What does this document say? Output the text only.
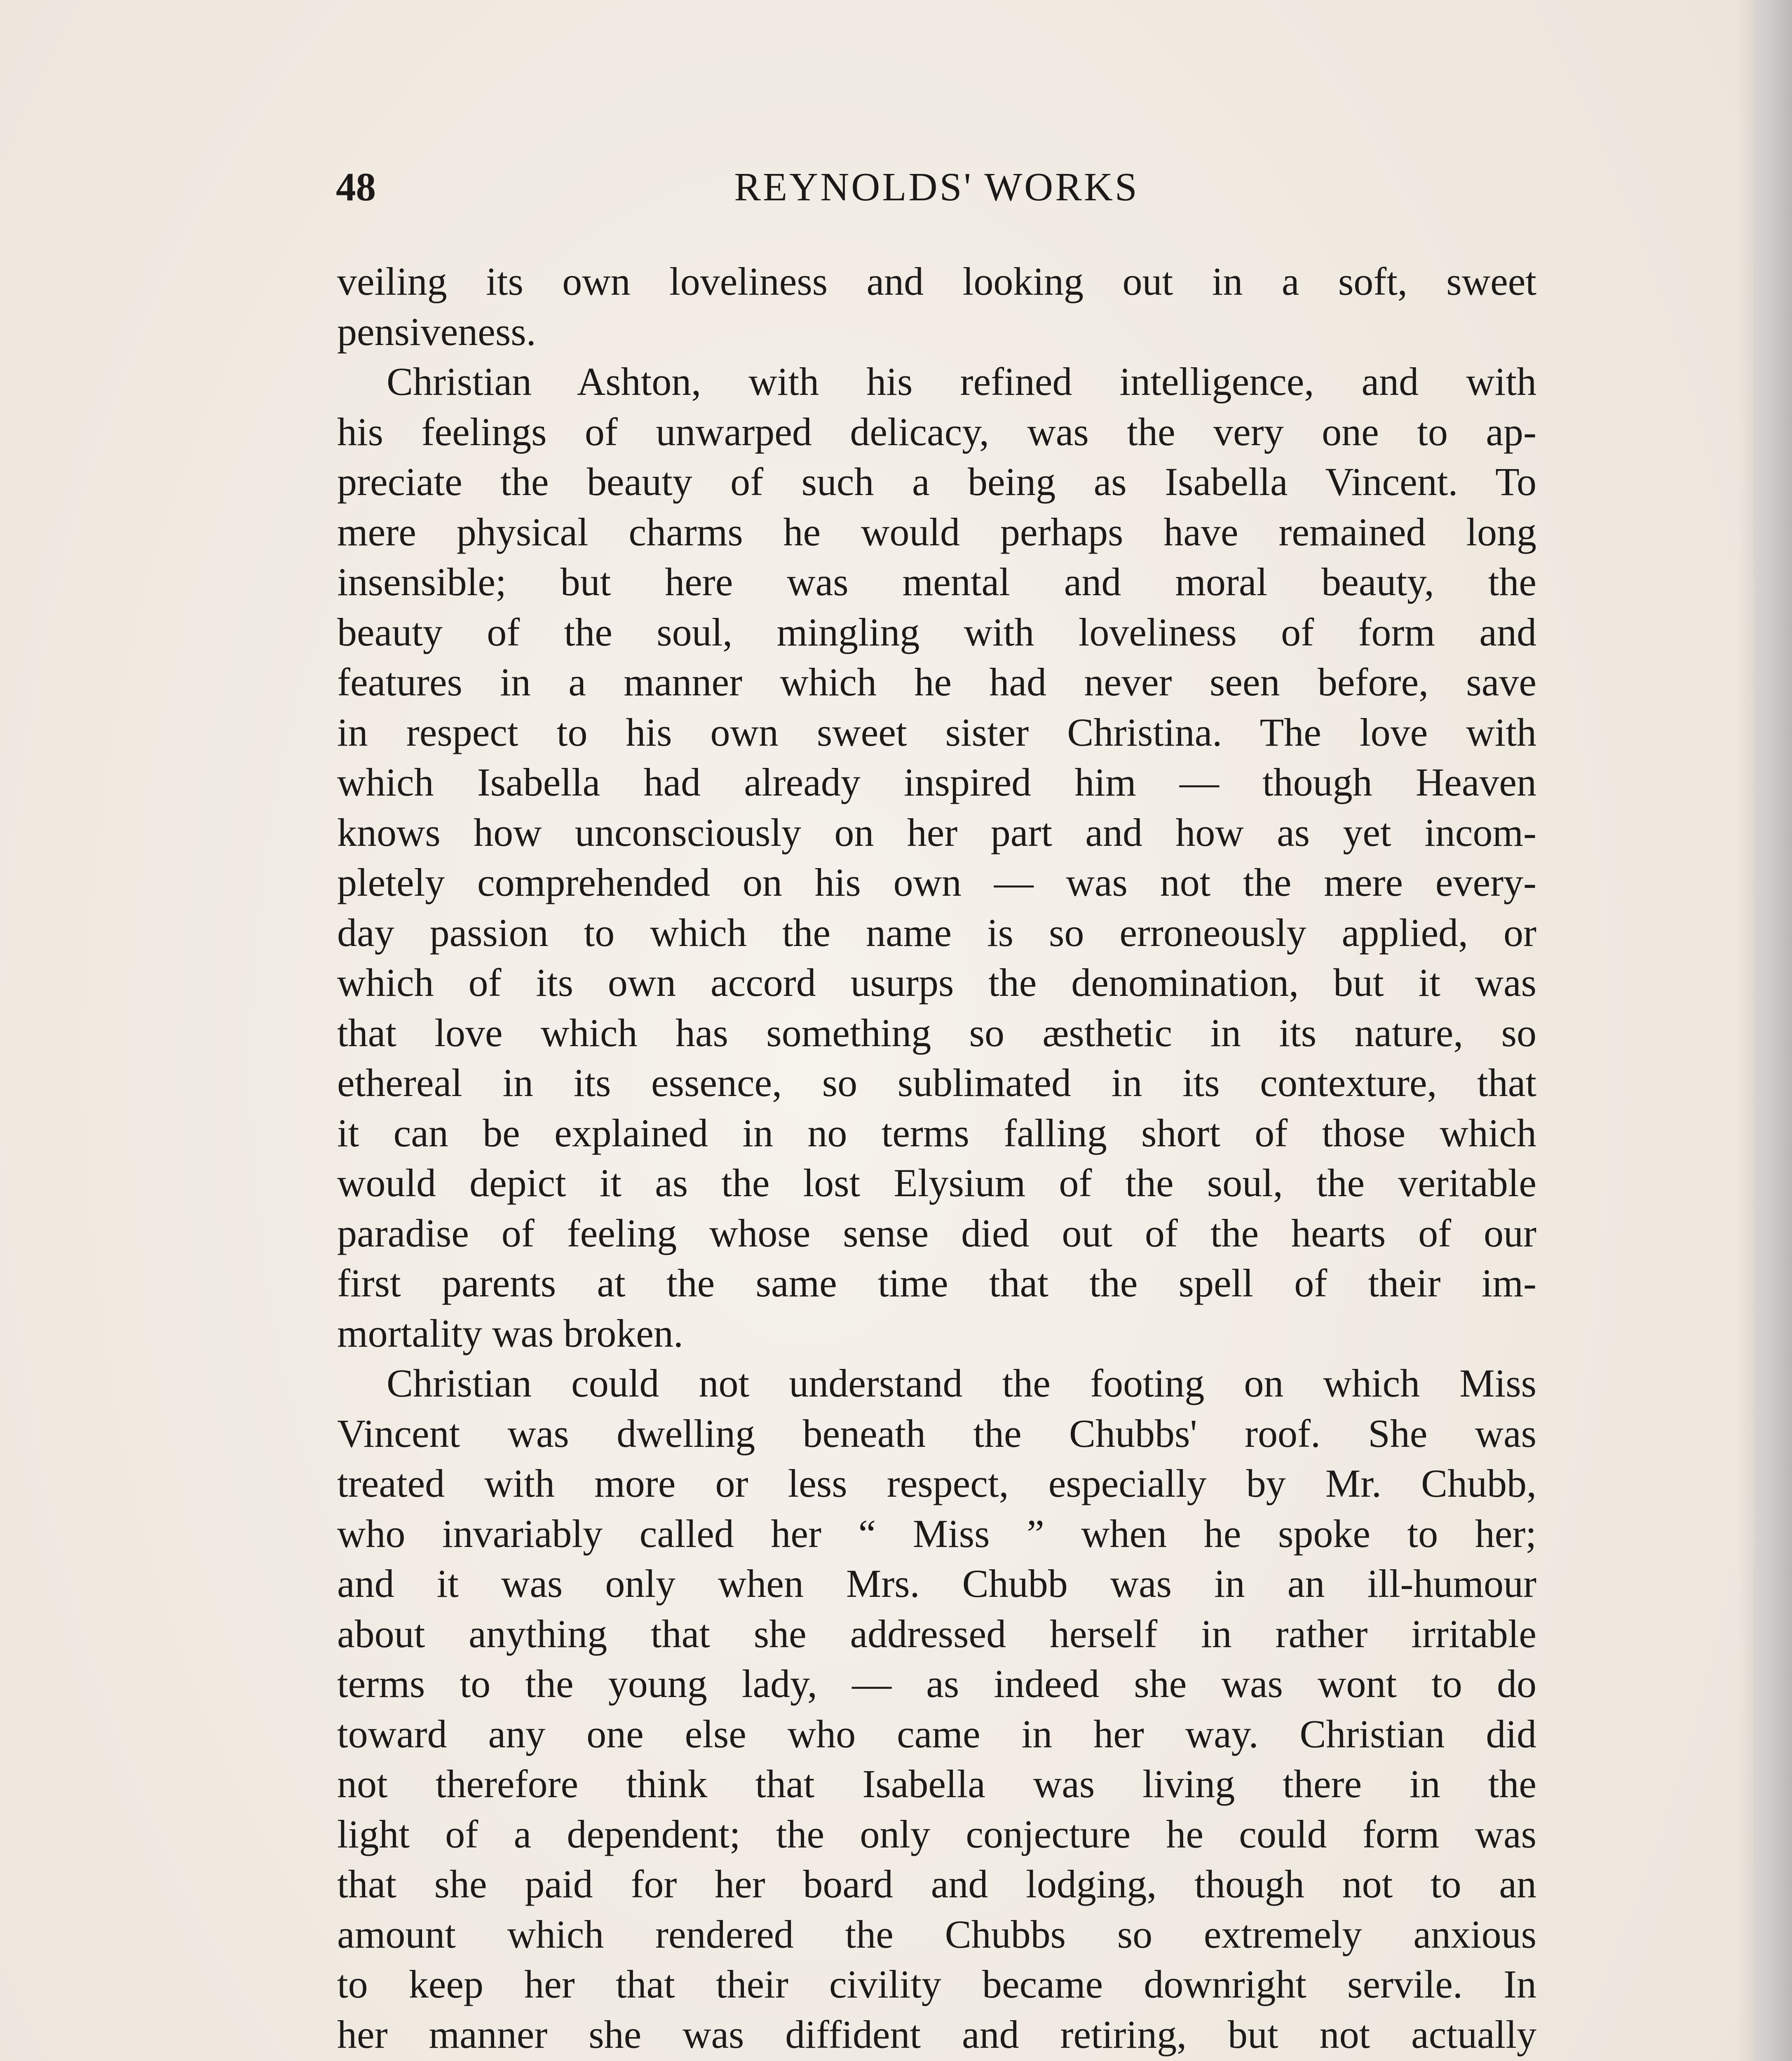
48	REYNOLDS' WORKS
veiling its own loveliness and looking out in a soft, sweet
pensiveness.
Christian Ashton, with his refined intelligence, and with
his feelings of unwarped delicacy, was the very one to ap-
preciate the beauty of such a being as Isabella Vincent. To
mere physical charms he would perhaps have remained long
insensible; but here was mental and moral beauty, the
beauty of the soul, mingling with loveliness of form and
features in a manner which he had never seen before, save
in respect to his own sweet sister Christina. The love with
which Isabella had already inspired him — though Heaven
knows how unconsciously on her part and how as yet incom-
pletely comprehended on his own — was not the mere every-
day passion to which the name is so erroneously applied, or
which of its own accord usurps the denomination, but it was
that love which has something so æsthetic in its nature, so
ethereal in its essence, so sublimated in its contexture, that
it can be explained in no terms falling short of those which
would depict it as the lost Elysium of the soul, the veritable
paradise of feeling whose sense died out of the hearts of our
first parents at the same time that the spell of their im-
mortality was broken.
Christian could not understand the footing on which Miss
Vincent was dwelling beneath the Chubbs' roof. She was
treated with more or less respect, especially by Mr. Chubb,
who invariably called her “ Miss ” when he spoke to her;
and it was only when Mrs. Chubb was in an ill-humour
about anything that she addressed herself in rather irritable
terms to the young lady, — as indeed she was wont to do
toward any one else who came in her way. Christian did
not therefore think that Isabella was living there in the
light of a dependent; the only conjecture he could form was
that she paid for her board and lodging, though not to an
amount which rendered the Chubbs so extremely anxious
to keep her that their civility became downright servile. In
her manner she was diffident and retiring, but not actually
